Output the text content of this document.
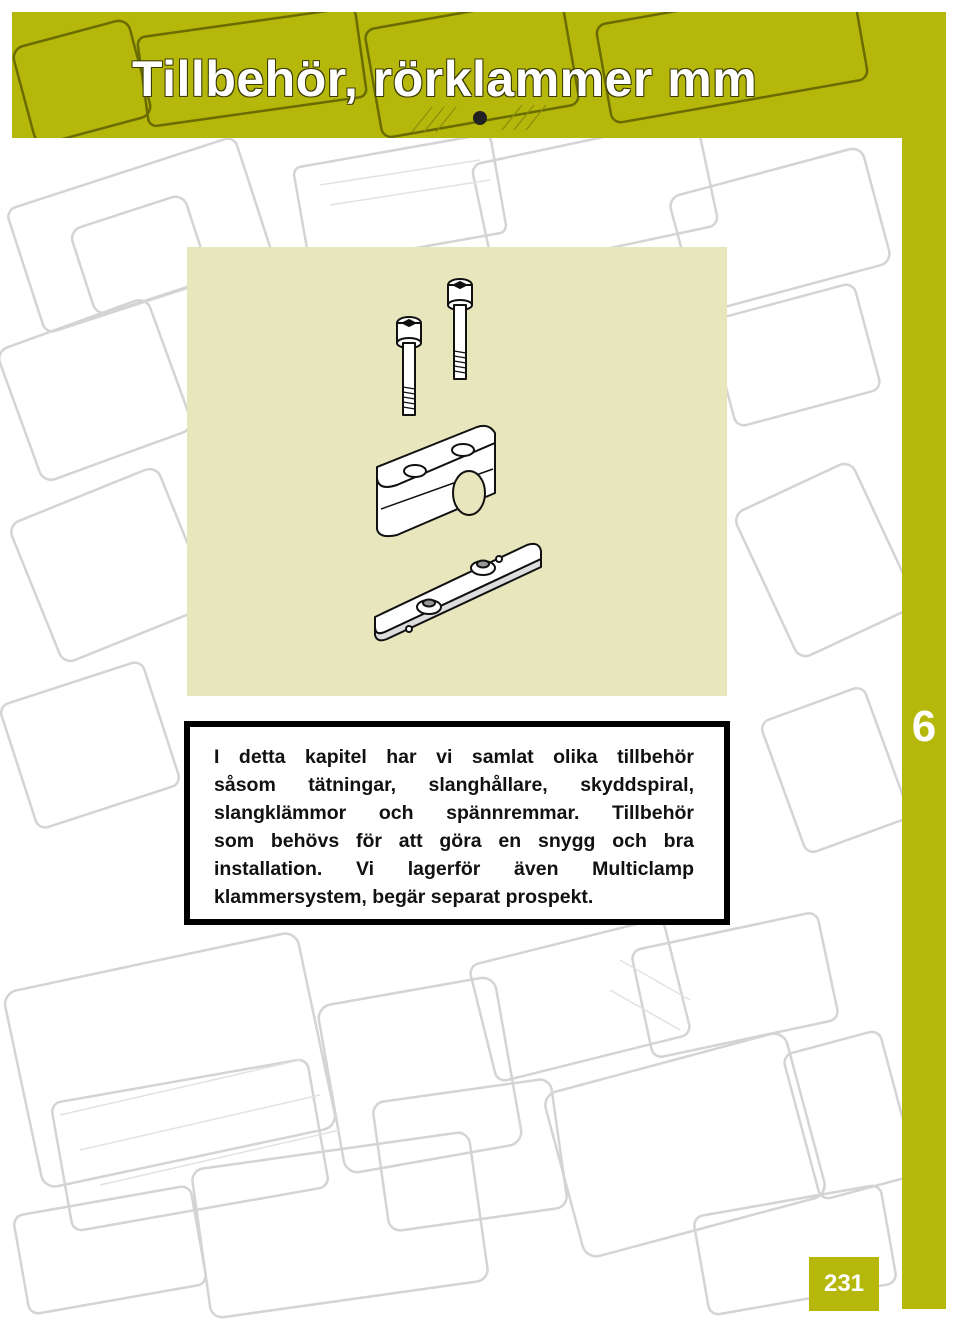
Tillbehör, rörklammer mm
6
I detta kapitel har vi samlat olika tillbehör
såsom tätningar, slanghållare, skyddspiral,
slangklämmor och spännremmar. Tillbehör
som behövs för att göra en snygg och bra
installation. Vi lagerför även Multiclamp
klammersystem, begär separat prospekt.
231
